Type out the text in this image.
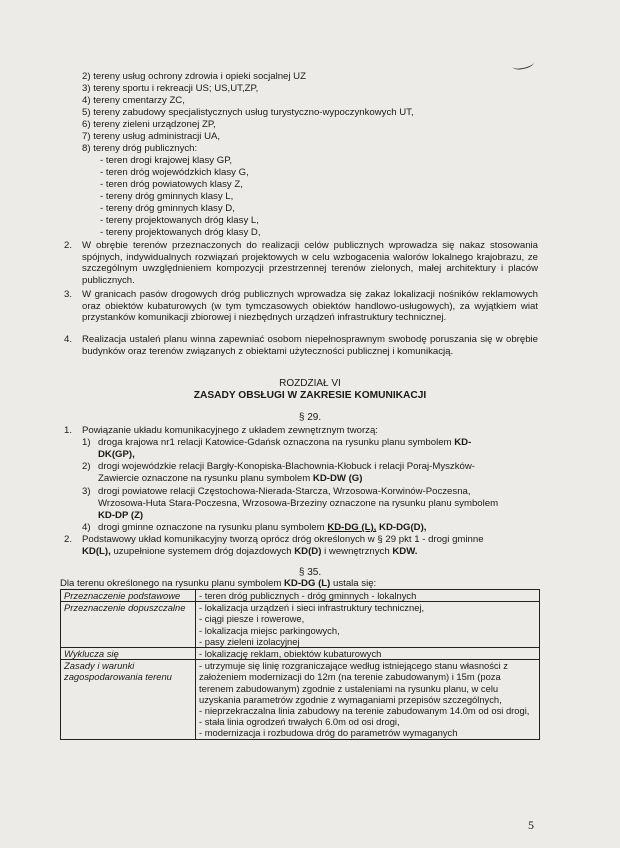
2) tereny usług ochrony zdrowia i opieki socjalnej UZ
3) tereny sportu i rekreacji US; US,UT,ZP,
4) tereny cmentarzy ZC,
5) tereny zabudowy specjalistycznych usług turystyczno-wypoczynkowych UT,
6) tereny zieleni urządzonej ZP,
7) tereny usług administracji UA,
8) tereny dróg publicznych:
- teren drogi krajowej klasy GP,
- teren dróg wojewódzkich klasy G,
- teren dróg powiatowych klasy Z,
- tereny dróg gminnych klasy L,
- tereny dróg gminnych klasy D,
- tereny projektowanych dróg klasy L,
- tereny projektowanych dróg klasy D,
2. W obrębie terenów przeznaczonych do realizacji celów publicznych wprowadza się nakaz stosowania spójnych, indywidualnych rozwiązań projektowych w celu wzbogacenia walorów lokalnego krajobrazu, ze szczególnym uwzględnieniem kompozycji przestrzennej terenów zielonych, małej architektury i placów publicznych.
3. W granicach pasów drogowych dróg publicznych wprowadza się zakaz lokalizacji nośników reklamowych oraz obiektów kubaturowych (w tym tymczasowych obiektów handlowo-usługowych), za wyjątkiem wiat przystanków komunikacji zbiorowej i niezbędnych urządzeń infrastruktury technicznej.
4. Realizacja ustaleń planu winna zapewniać osobom niepełnosprawnym swobodę poruszania się w obrębie budynków oraz terenów związanych z obiektami użyteczności publicznej i komunikacją.
ROZDZIAŁ VI
ZASADY OBSŁUGI W ZAKRESIE KOMUNIKACJI
§ 29.
1. Powiązanie układu komunikacyjnego z układem zewnętrznym tworzą:
1) droga krajowa nr1 relacji Katowice-Gdańsk oznaczona na rysunku planu symbolem KD-
DK(GP),
2) drogi wojewódzkie relacji Bargły-Konopiska-Blachownia-Kłobuck i relacji Poraj-Myszków-
Zawiercie oznaczone na rysunku planu symbolem KD-DW (G)
3) drogi powiatowe relacji Częstochowa-Nierada-Starcza, Wrzosowa-Korwinów-Poczesna,
Wrzosowa-Huta Stara-Poczesna, Wrzosowa-Brzeziny oznaczone na rysunku planu symbolem
KD-DP (Z)
4) drogi gminne oznaczone na rysunku planu symbolem KD-DG (L), KD-DG(D),
2. Podstawowy układ komunikacyjny tworzą oprócz dróg określonych w § 29 pkt 1 - drogi gminne
KD(L), uzupełnione systemem dróg dojazdowych KD(D) i wewnętrznych KDW.
§ 35.
Dla terenu określonego na rysunku planu symbolem KD-DG (L) ustala się:
Przeznaczenie podstawowe	- teren dróg publicznych - dróg gminnych - lokalnych
Przeznaczenie dopuszczalne	- lokalizacja urządzeń i sieci infrastruktury technicznej,
- ciągi piesze i rowerowe,
- lokalizacja miejsc parkingowych,
- pasy zieleni izolacyjnej

Wyklucza się	- lokalizację reklam, obiektów kubaturowych
Zasady i warunki zagospodarowania terenu	- utrzymuje się linię rozgraniczające według istniejącego stanu własności z założeniem modernizacji do 12m (na terenie zabudowanym) i 15m (poza terenem zabudowanym) zgodnie z ustaleniami na rysunku planu, w celu uzyskania parametrów zgodnie z wymaganiami przepisów szczególnych,
- nieprzekraczalna linia zabudowy na terenie zabudowanym 14.0m od osi drogi,
- stała linia ogrodzeń trwałych 6.0m od osi drogi,
- modernizacja i rozbudowa dróg do parametrów wymaganych
5
